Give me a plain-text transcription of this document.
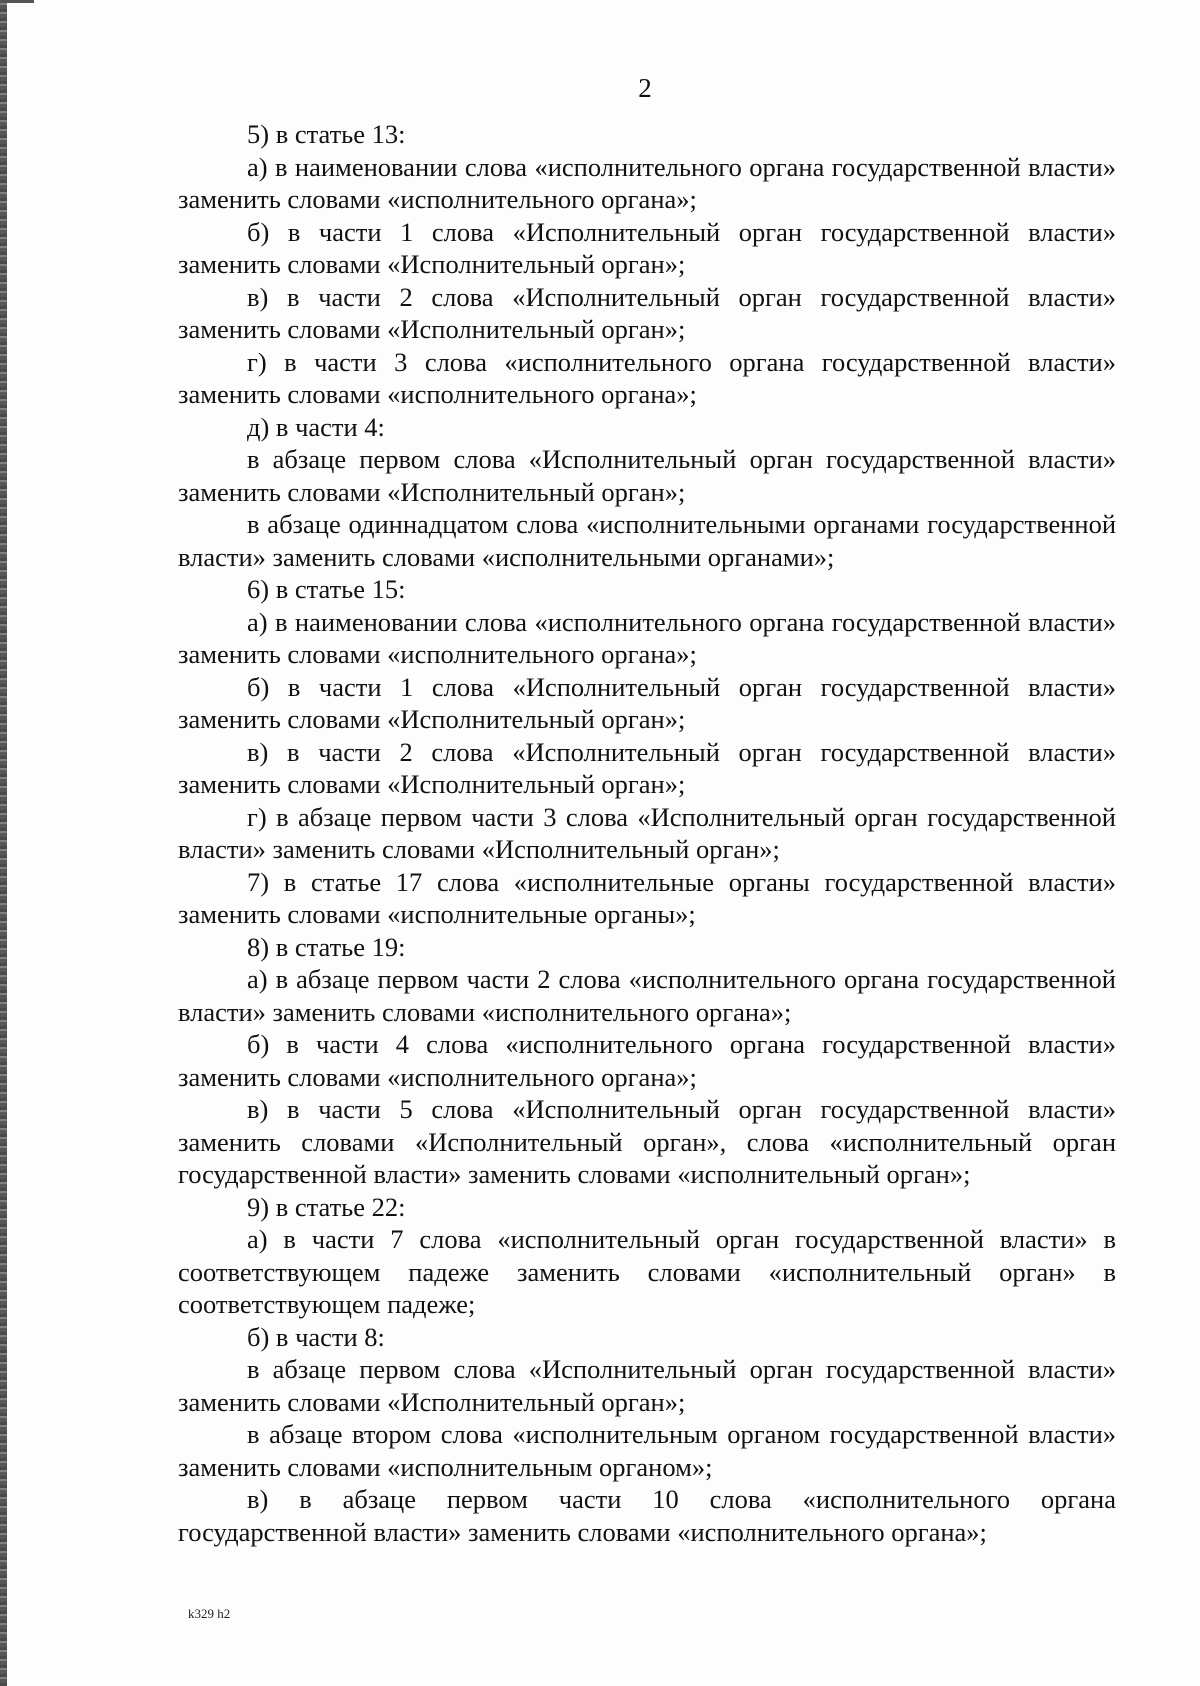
2

5) в статье 13:

а) в наименовании слова «исполнительного органа государственной власти» заменить словами «исполнительного органа»;

б) в части 1 слова «Исполнительный орган государственной власти» заменить словами «Исполнительный орган»;

в) в части 2 слова «Исполнительный орган государственной власти» заменить словами «Исполнительный орган»;

г) в части 3 слова «исполнительного органа государственной власти» заменить словами «исполнительного органа»;

д) в части 4:

в абзаце первом слова «Исполнительный орган государственной власти» заменить словами «Исполнительный орган»;

в абзаце одиннадцатом слова «исполнительными органами государственной власти» заменить словами «исполнительными органами»;

6) в статье 15:

а) в наименовании слова «исполнительного органа государственной власти» заменить словами «исполнительного органа»;

б) в части 1 слова «Исполнительный орган государственной власти» заменить словами «Исполнительный орган»;

в) в части 2 слова «Исполнительный орган государственной власти» заменить словами «Исполнительный орган»;

г) в абзаце первом части 3 слова «Исполнительный орган государственной власти» заменить словами «Исполнительный орган»;

7) в статье 17 слова «исполнительные органы государственной власти» заменить словами «исполнительные органы»;

8) в статье 19:

а) в абзаце первом части 2 слова «исполнительного органа государственной власти» заменить словами «исполнительного органа»;

б) в части 4 слова «исполнительного органа государственной власти» заменить словами «исполнительного органа»;

в) в части 5 слова «Исполнительный орган государственной власти» заменить словами «Исполнительный орган», слова «исполнительный орган государственной власти» заменить словами «исполнительный орган»;

9) в статье 22:

а) в части 7 слова «исполнительный орган государственной власти» в соответствующем падеже заменить словами «исполнительный орган» в соответствующем падеже;

б) в части 8:

в абзаце первом слова «Исполнительный орган государственной власти» заменить словами «Исполнительный орган»;

в абзаце втором слова «исполнительным органом государственной власти» заменить словами «исполнительным органом»;

в) в абзаце первом части 10 слова «исполнительного органа государственной власти» заменить словами «исполнительного органа»;

k329 h2
